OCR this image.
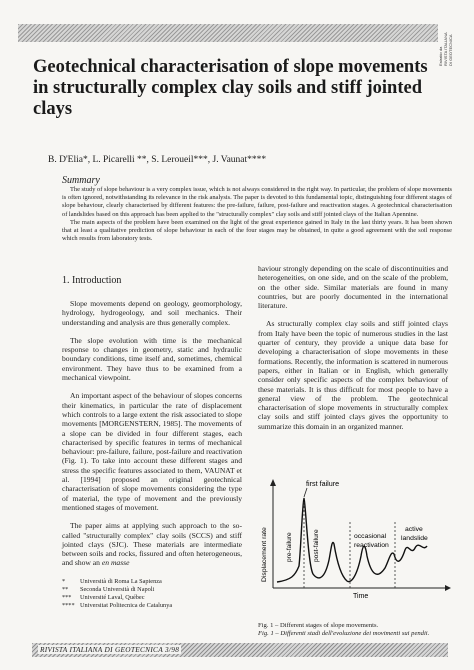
Estratto da RIVISTA ITALIANA DI GEOTECNICA
Geotechnical characterisation of slope movements in structurally complex clay soils and stiff jointed clays
B. D'Elia*, L. Picarelli **, S. Leroueil***, J. Vaunat****
Summary

The study of slope behaviour is a very complex issue, which is not always considered in the right way. In particular, the problem of slope movements is often ignored, notwithstanding its relevance in the risk analysis. The paper is devoted to this fundamental topic, distinguishing four different stages of slope behaviour, clearly characterised by different features: the pre-failure, failure, post-failure and reactivation stages. A geotechnical characterisation of landslides based on this approach has been applied to the "structurally complex" clay soils and stiff jointed clays of the Italian Apennine.

The main aspects of the problem have been examined on the light of the great experience gained in Italy in the last thirty years. It has been shown that at least a qualitative prediction of slope behaviour in each of the four stages may be obtained, in quite a good agreement with the soil response which results from laboratory tests.

1. Introduction

Slope movements depend on geology, geomorphology, hydrology, hydrogeology, and soil mechanics. Their understanding and analysis are thus generally complex.

The slope evolution with time is the mechanical response to changes in geometry, static and hydraulic boundary conditions, time itself and, sometimes, chemical environment. They have thus to be examined from a mechanical viewpoint.

An important aspect of the behaviour of slopes concerns their kinematics, in particular the rate of displacement which controls to a large extent the risk associated to slope movements [MORGENSTERN, 1985]. The movements of a slope can be divided in four different stages, each characterised by specific features in terms of mechanical behaviour: pre-failure, failure, post-failure and reactivation (Fig. 1). To take into account these different stages and stress the specific features associated to them, VAUNAT et al. [1994] proposed an original geotechnical characterisation of slope movements considering the type of material, the type of movement and the previously mentioned stages of movement.

The paper aims at applying such approach to the so-called "structurally complex" clay soils (SCCS) and stiff jointed clays (SJC). These materials are intermediate between soils and rocks, fissured and often heterogeneous, and show an en masse

haviour strongly depending on the scale of discontinuities and heterogeneities, on one side, and on the scale of the problem, on the other side. Similar materials are found in many countries, but are poorly documented in the international literature.

As structurally complex clay soils and stiff jointed clays from Italy have been the topic of numerous studies in the last quarter of century, they provide a unique data base for developing a characterisation of slope movements in these formations. Recently, the information is scattered in numerous papers, either in Italian or in English, which generally consider only specific aspects of the complex behaviour of these materials. It is thus difficult for most people to have a general view of the problem. The geotechnical characterisation of slope movements in structurally complex clay soils and stiff jointed clays gives the opportunity to summarize this domain in an organized manner.

first failure
Displacement rate	pre-failure	post-failure	occasional
reactivation
active
landslide
Time
Fig. 1 – Different stages of slope movements.
Fig. 1 – Differenti stadi dell'evoluzione dei movimenti sui pendii.
*	Università di Roma La Sapienza
**	Seconda Università di Napoli
***	Université Laval, Québec
**** Universitat Politecnica de Catalunya
RIVISTA ITALIANA DI GEOTECNICA 3/98
